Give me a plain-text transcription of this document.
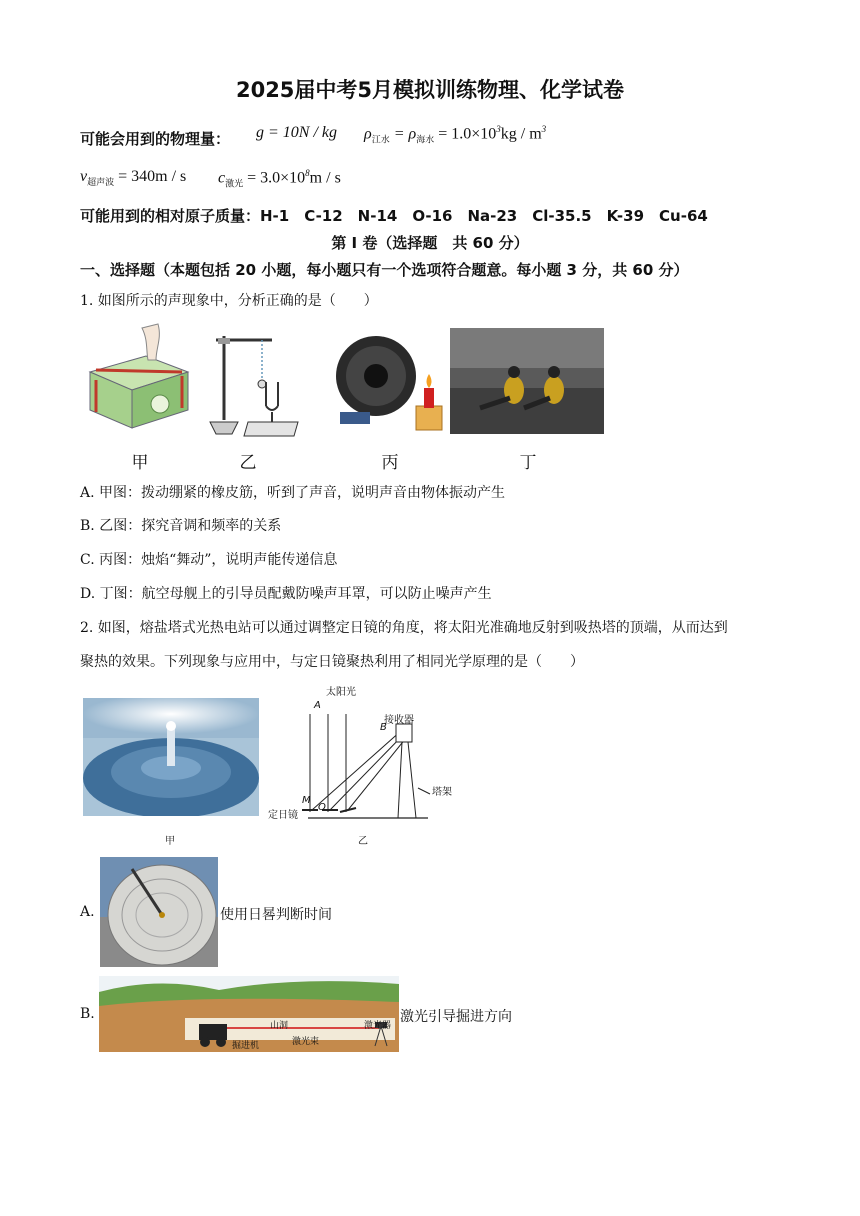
2025届中考5月模拟训练物理、化学试卷
可能会用到的物理量： g = 10N / kg $\rho_{江水} = \rho_{海水} = 1.0\times 10^3kg / m^3$
$v_{超声波} = 340m / s$ $c_{激光} = 3.0\times 10^8m / s$
可能用到的相对原子质量：H-1　C-12　N-14　O-16　Na-23　Cl-35.5　K-39　Cu-64
第 I 卷（选择题　共 60 分）
一、选择题（本题包括 20 小题，每小题只有一个选项符合题意。每小题 3 分，共 60 分）
1. 如图所示的声现象中，分析正确的是（　　）
甲	乙	丙	丁
A. 甲图：拨动绷紧的橡皮筋，听到了声音，说明声音由物体振动产生
B. 乙图：探究音调和频率的关系
C. 丙图：烛焰“舞动”，说明声能传递信息
D. 丁图：航空母舰上的引导员配戴防噪声耳罩，可以防止噪声产生
2. 如图，熔盐塔式光热电站可以通过调整定日镜的角度，将太阳光准确地反射到吸热塔的顶端，从而达到
聚热的效果。下列现象与应用中，与定日镜聚热利用了相同光学原理的是（　　）
甲
太阳光
接收器
塔架
定日镜
A
B
M
O
乙
A.	使用日晷判断时间
B.
山洞
激光束
激光器
掘进机
激光引导掘进方向
